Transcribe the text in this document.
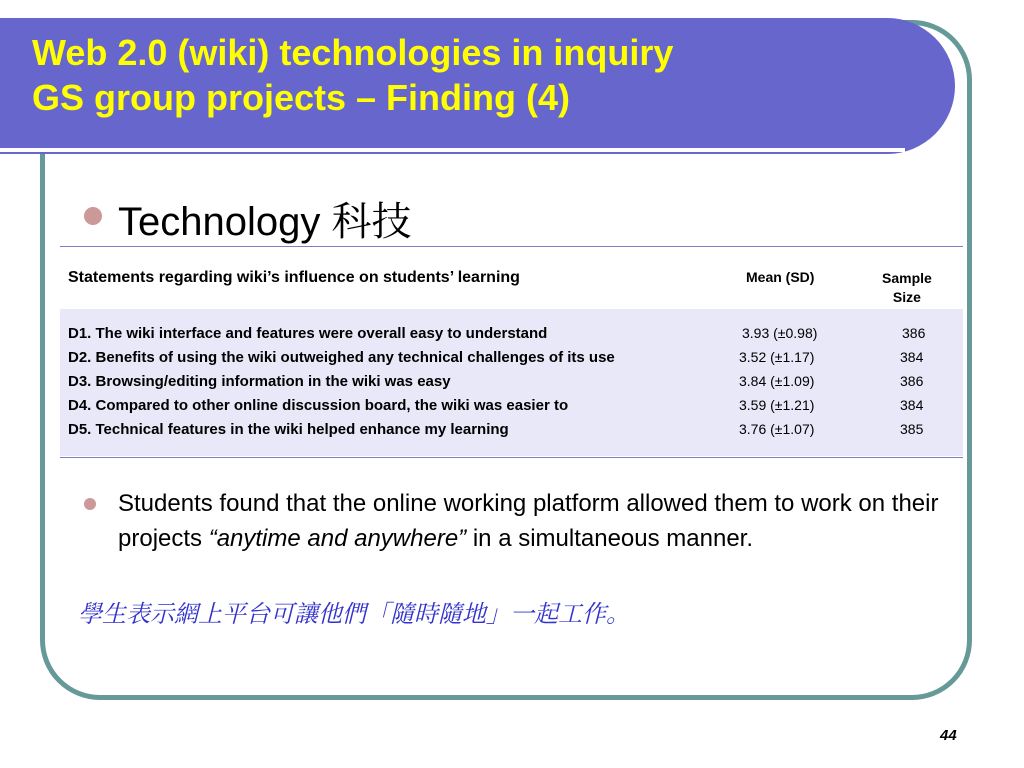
Web 2.0 (wiki) technologies in inquiry
GS group projects – Finding (4)
Technology 科技
Statements regarding wiki’s influence on students’ learning	Mean (SD)	Sample
Size
D1. The wiki interface and features were overall easy to understand	3.93 (±0.98)	386
D2. Benefits of using the wiki outweighed any technical challenges of its use	3.52 (±1.17)	384
D3. Browsing/editing information in the wiki was easy	3.84 (±1.09)	386
D4. Compared to other online discussion board, the wiki was easier to	3.59 (±1.21)	384
D5. Technical features in the wiki helped enhance my learning	3.76 (±1.07)	385
Students found that the online working platform allowed them to work on their projects “anytime and anywhere” in a simultaneous manner.
學生表示網上平台可讓他們「隨時隨地」一起工作。
44
